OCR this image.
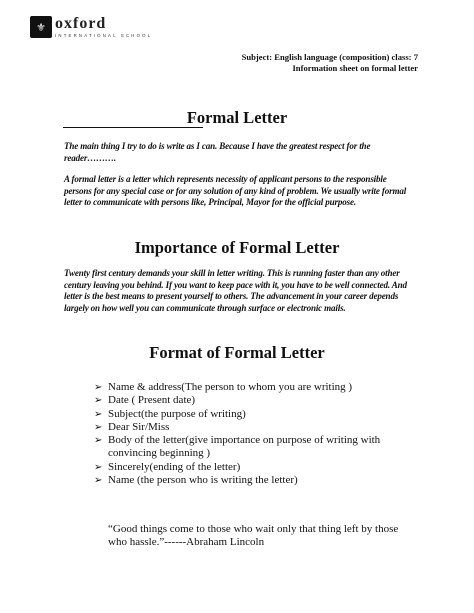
⚜ oxford
INTERNATIONAL SCHOOL
Subject: English language (composition) class: 7
Information sheet on formal letter
Formal Letter
The main thing I try to do is write as I can. Because I have the greatest respect for the reader……….
A formal letter is a letter which represents necessity of applicant persons to the responsible persons for any special case or for any solution of any kind of problem. We usually write formal letter to communicate with persons like, Principal, Mayor for the official purpose.
Importance of Formal Letter
Twenty first century demands your skill in letter writing. This is running faster than any other century leaving you behind. If you want to keep pace with it, you have to be well connected. And letter is the best means to present yourself to others. The advancement in your career depends largely on how well you can communicate through surface or electronic mails.
Format of Formal Letter
➢ Name & address(The person to whom you are writing )
➢ Date ( Present date)
➢ Subject(the purpose of writing)
➢ Dear Sir/Miss
➢ Body of the letter(give importance on purpose of writing with convincing beginning )
➢ Sincerely(ending of the letter)
➢ Name (the person who is writing the letter)
“Good things come to those who wait only that thing left by those who hassle.”------Abraham Lincoln
